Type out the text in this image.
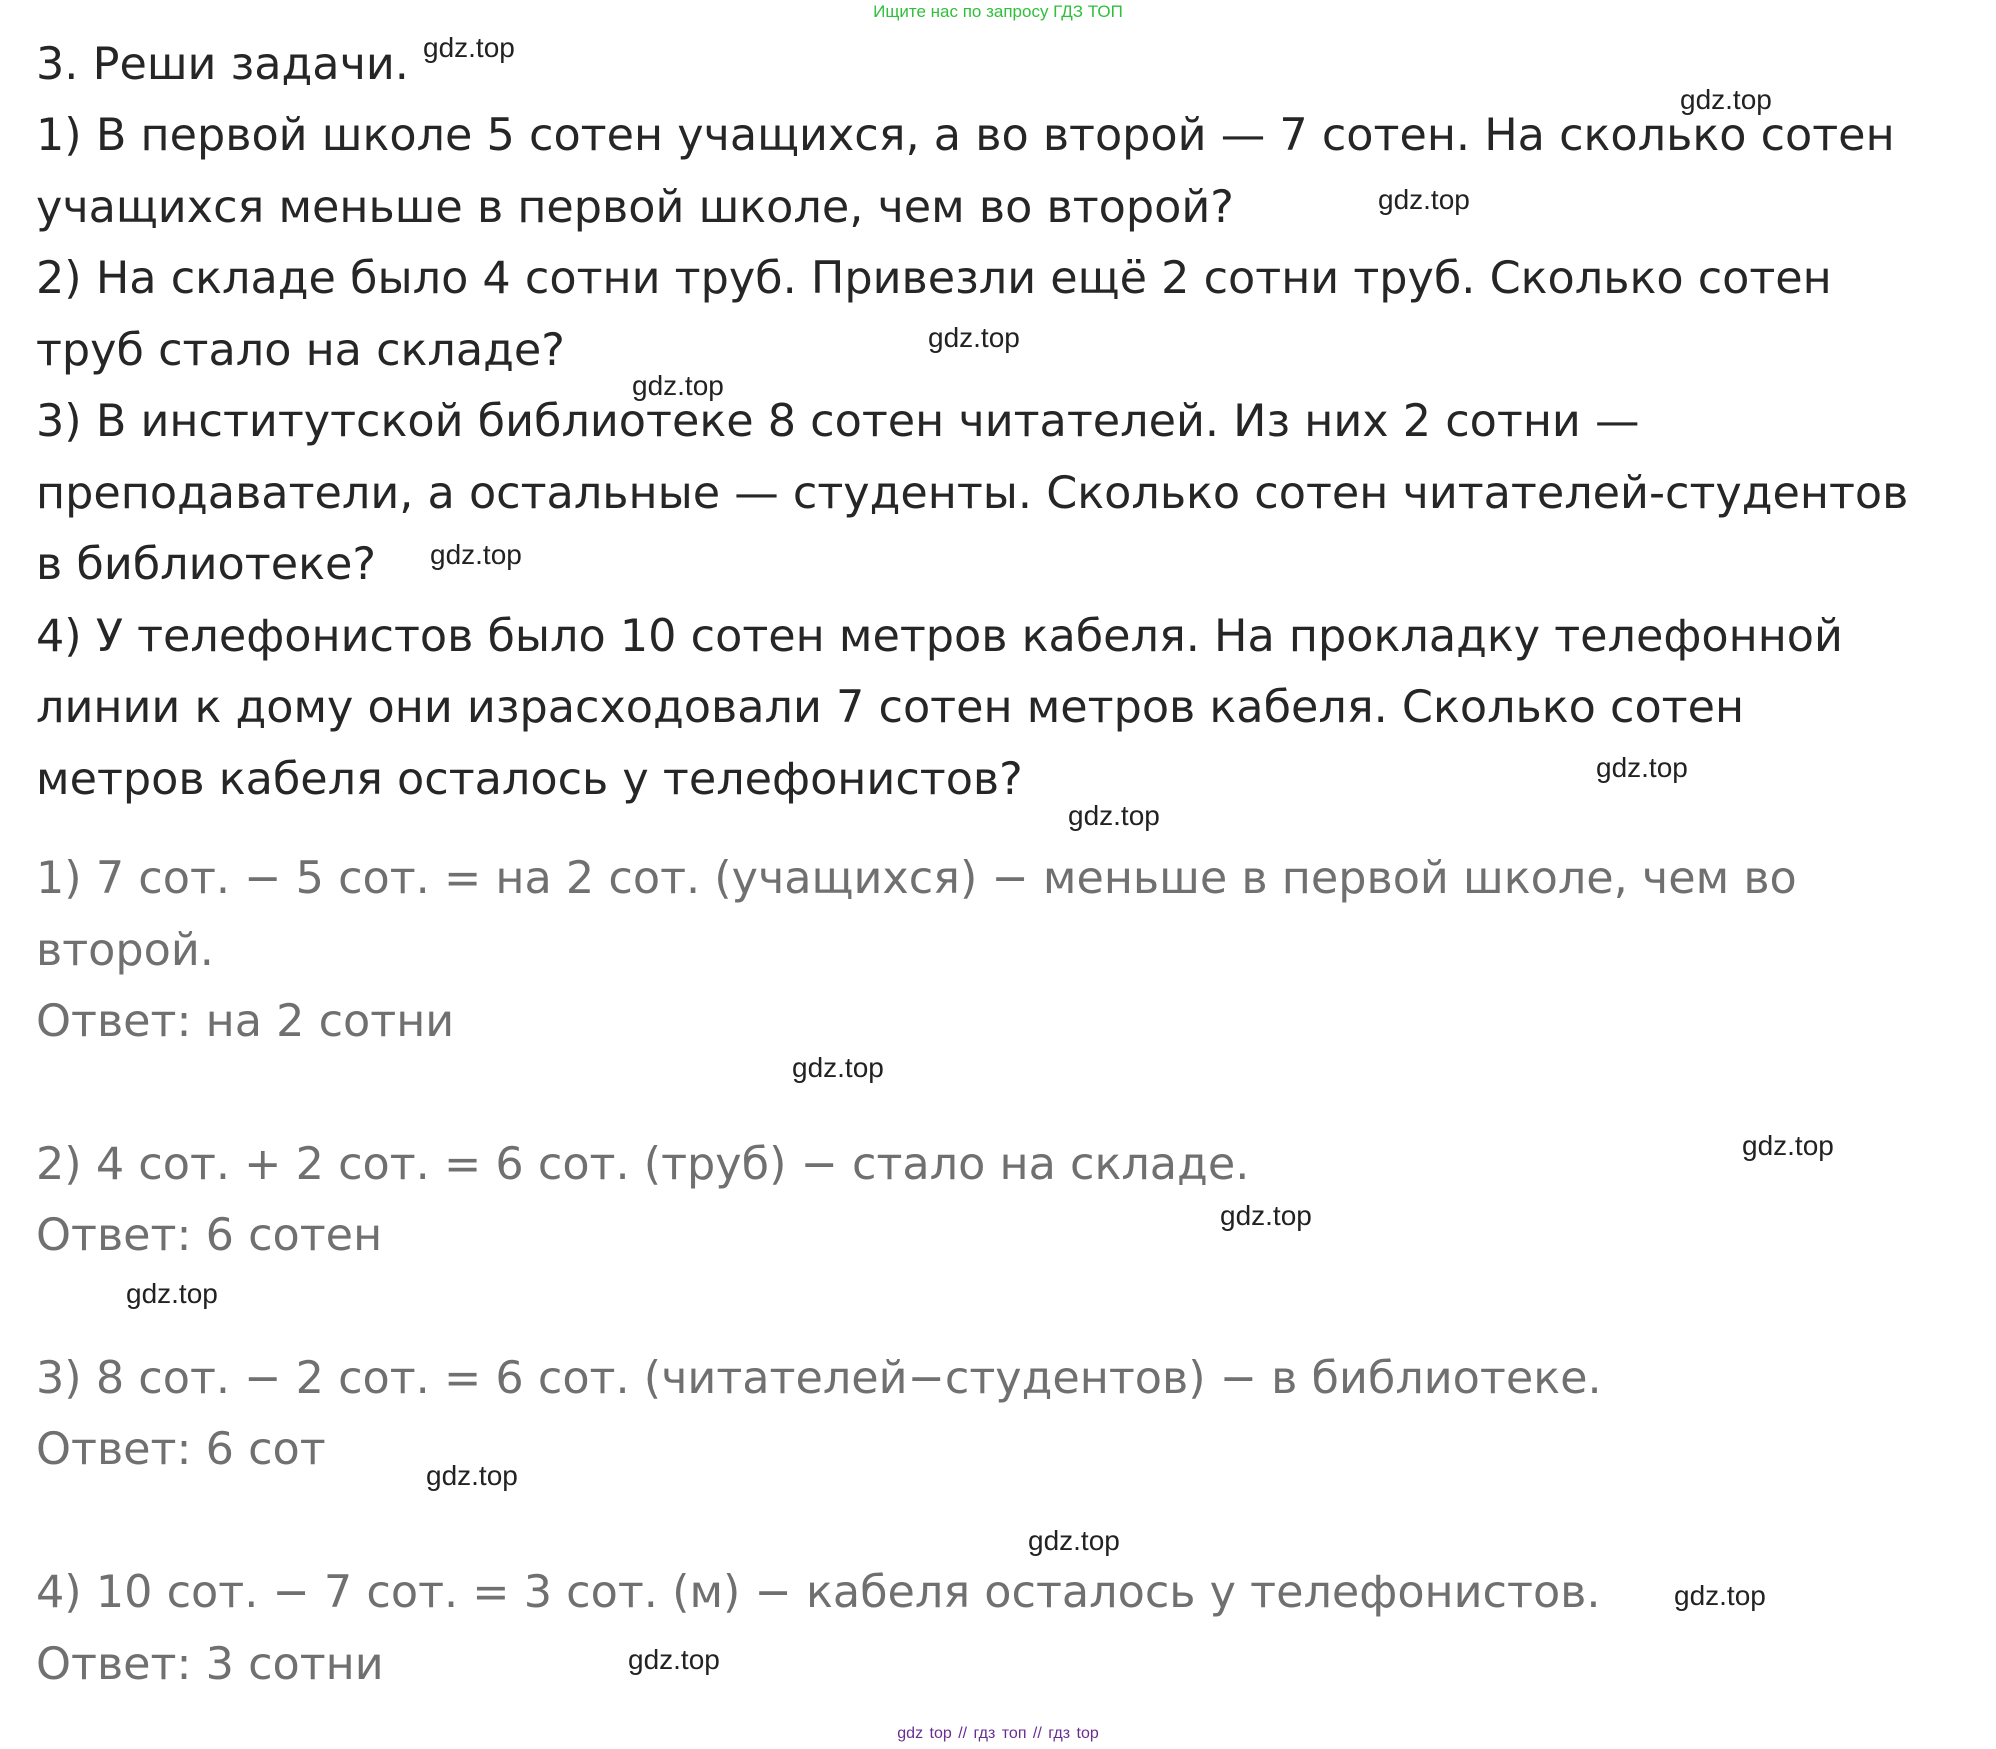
Ищите нас по запросу ГДЗ ТОП
3. Реши задачи.
1) В первой школе 5 сотен учащихся, а во второй — 7 сотен. На сколько сотен
учащихся меньше в первой школе, чем во второй?
2) На складе было 4 сотни труб. Привезли ещё 2 сотни труб. Сколько сотен
труб стало на складе?
3) В институтской библиотеке 8 сотен читателей. Из них 2 сотни —
преподаватели, а остальные — студенты. Сколько сотен читателей-студентов
в библиотеке?
4) У телефонистов было 10 сотен метров кабеля. На прокладку телефонной
линии к дому они израсходовали 7 сотен метров кабеля. Сколько сотен
метров кабеля осталось у телефонистов?
1) 7 сот. − 5 сот. = на 2 сот. (учащихся) − меньше в первой школе, чем во
второй.
Ответ: на 2 сотни
2) 4 сот. + 2 сот. = 6 сот. (труб) − стало на складе.
Ответ: 6 сотен
3) 8 сот. − 2 сот. = 6 сот. (читателей−студентов) − в библиотеке.
Ответ: 6 сот
4) 10 сот. − 7 сот. = 3 сот. (м) − кабеля осталось у телефонистов.
Ответ: 3 сотни
gdz.top
gdz.top
gdz.top
gdz.top
gdz.top
gdz.top
gdz.top
gdz.top
gdz.top
gdz.top
gdz.top
gdz.top
gdz.top
gdz.top
gdz.top
gdz.top
gdz top // гдз топ // гдз top
